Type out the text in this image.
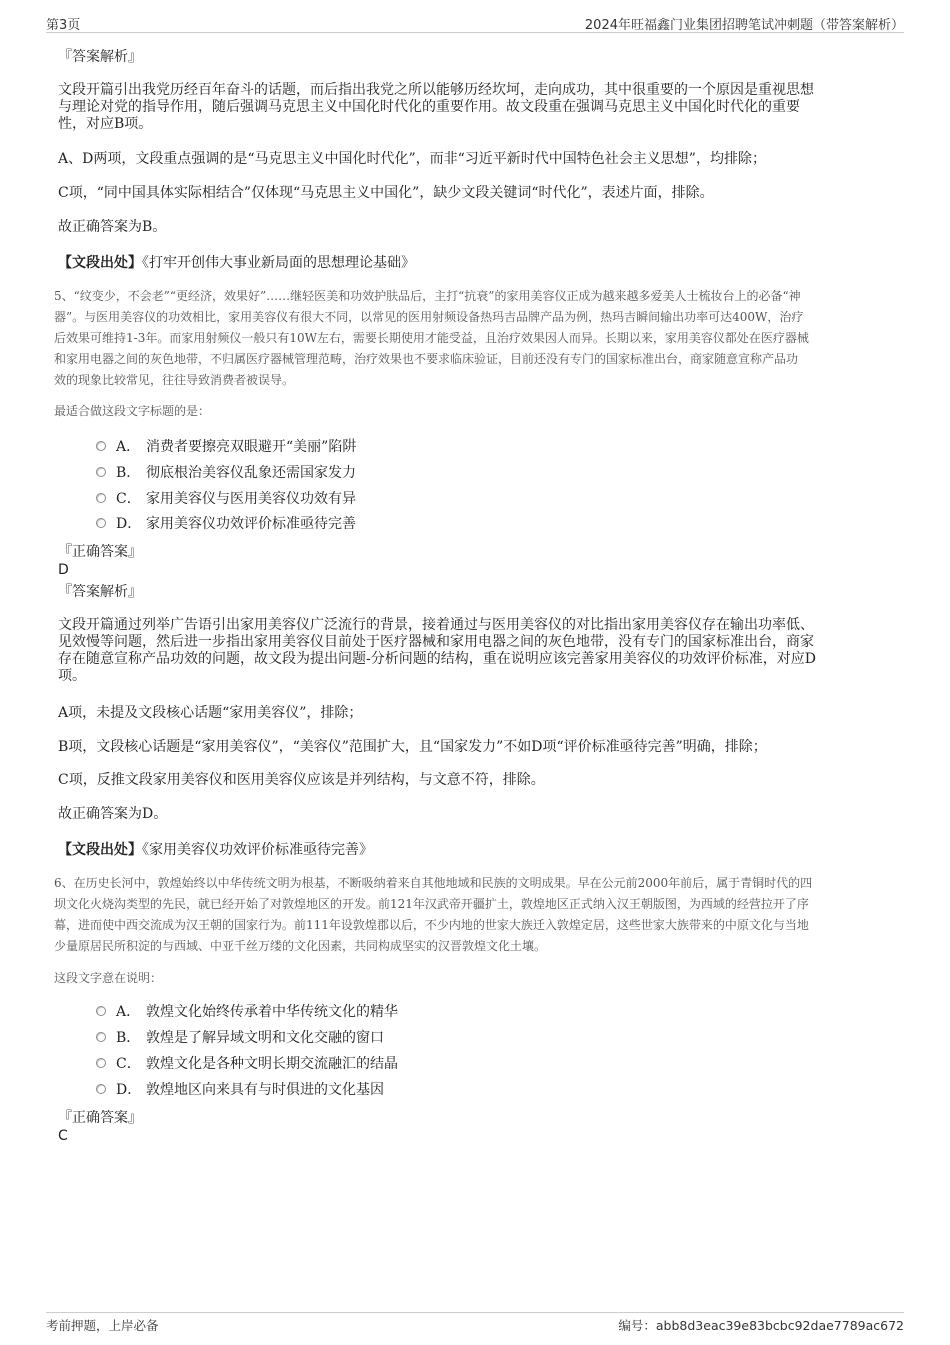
第3页	2024年旺福鑫门业集团招聘笔试冲刺题（带答案解析）
『答案解析』

文段开篇引出我党历经百年奋斗的话题，而后指出我党之所以能够历经坎坷，走向成功，其中很重要的一个原因是重视思想

与理论对党的指导作用，随后强调马克思主义中国化时代化的重要作用。故文段重在强调马克思主义中国化时代化的重要

性，对应B项。

A、D两项，文段重点强调的是“马克思主义中国化时代化”，而非“习近平新时代中国特色社会主义思想”，均排除；
C项，“同中国具体实际相结合”仅体现“马克思主义中国化”，缺少文段关键词“时代化”，表述片面，排除。
故正确答案为B。
【文段出处】《打牢开创伟大事业新局面的思想理论基础》

5、“纹变少，不会老”“更经济，效果好”……继轻医美和功效护肤品后，主打“抗衰”的家用美容仪正成为越来越多爱美人士梳妆台上的必备“神

器”。与医用美容仪的功效相比，家用美容仪有很大不同，以常见的医用射频设备热玛吉品牌产品为例，热玛吉瞬间输出功率可达400W，治疗

后效果可维持1-3年。而家用射频仪一般只有10W左右，需要长期使用才能受益，且治疗效果因人而异。长期以来，家用美容仪都处在医疗器械

和家用电器之间的灰色地带，不归属医疗器械管理范畴，治疗效果也不要求临床验证，目前还没有专门的国家标准出台，商家随意宣称产品功

效的现象比较常见，往往导致消费者被误导。

最适合做这段文字标题的是：
A． 消费者要擦亮双眼避开“美丽”陷阱
B． 彻底根治美容仪乱象还需国家发力
C． 家用美容仪与医用美容仪功效有异
D． 家用美容仪功效评价标准亟待完善
『正确答案』
D
『答案解析』

文段开篇通过列举广告语引出家用美容仪广泛流行的背景，接着通过与医用美容仪的对比指出家用美容仪存在输出功率低、

见效慢等问题，然后进一步指出家用美容仪目前处于医疗器械和家用电器之间的灰色地带，没有专门的国家标准出台，商家

存在随意宣称产品功效的问题，故文段为提出问题-分析问题的结构，重在说明应该完善家用美容仪的功效评价标准，对应D

项。

A项，未提及文段核心话题“家用美容仪”，排除；
B项，文段核心话题是“家用美容仪”，“美容仪”范围扩大，且“国家发力”不如D项“评价标准亟待完善”明确，排除；
C项，反推文段家用美容仪和医用美容仪应该是并列结构，与文意不符，排除。
故正确答案为D。
【文段出处】《家用美容仪功效评价标准亟待完善》

6、在历史长河中，敦煌始终以中华传统文明为根基，不断吸纳着来自其他地域和民族的文明成果。早在公元前2000年前后，属于青铜时代的四

坝文化火烧沟类型的先民，就已经开始了对敦煌地区的开发。前121年汉武帝开疆扩土，敦煌地区正式纳入汉王朝版图，为西域的经营拉开了序

幕，进而使中西交流成为汉王朝的国家行为。前111年设敦煌郡以后，不少内地的世家大族迁入敦煌定居，这些世家大族带来的中原文化与当地

少量原居民所积淀的与西域、中亚千丝万缕的文化因素，共同构成坚实的汉晋敦煌文化土壤。

这段文字意在说明：
A． 敦煌文化始终传承着中华传统文化的精华
B． 敦煌是了解异域文明和文化交融的窗口
C． 敦煌文化是各种文明长期交流融汇的结晶
D． 敦煌地区向来具有与时俱进的文化基因
『正确答案』
C
考前押题，上岸必备	编号：abb8d3eac39e83bcbc92dae7789ac672
